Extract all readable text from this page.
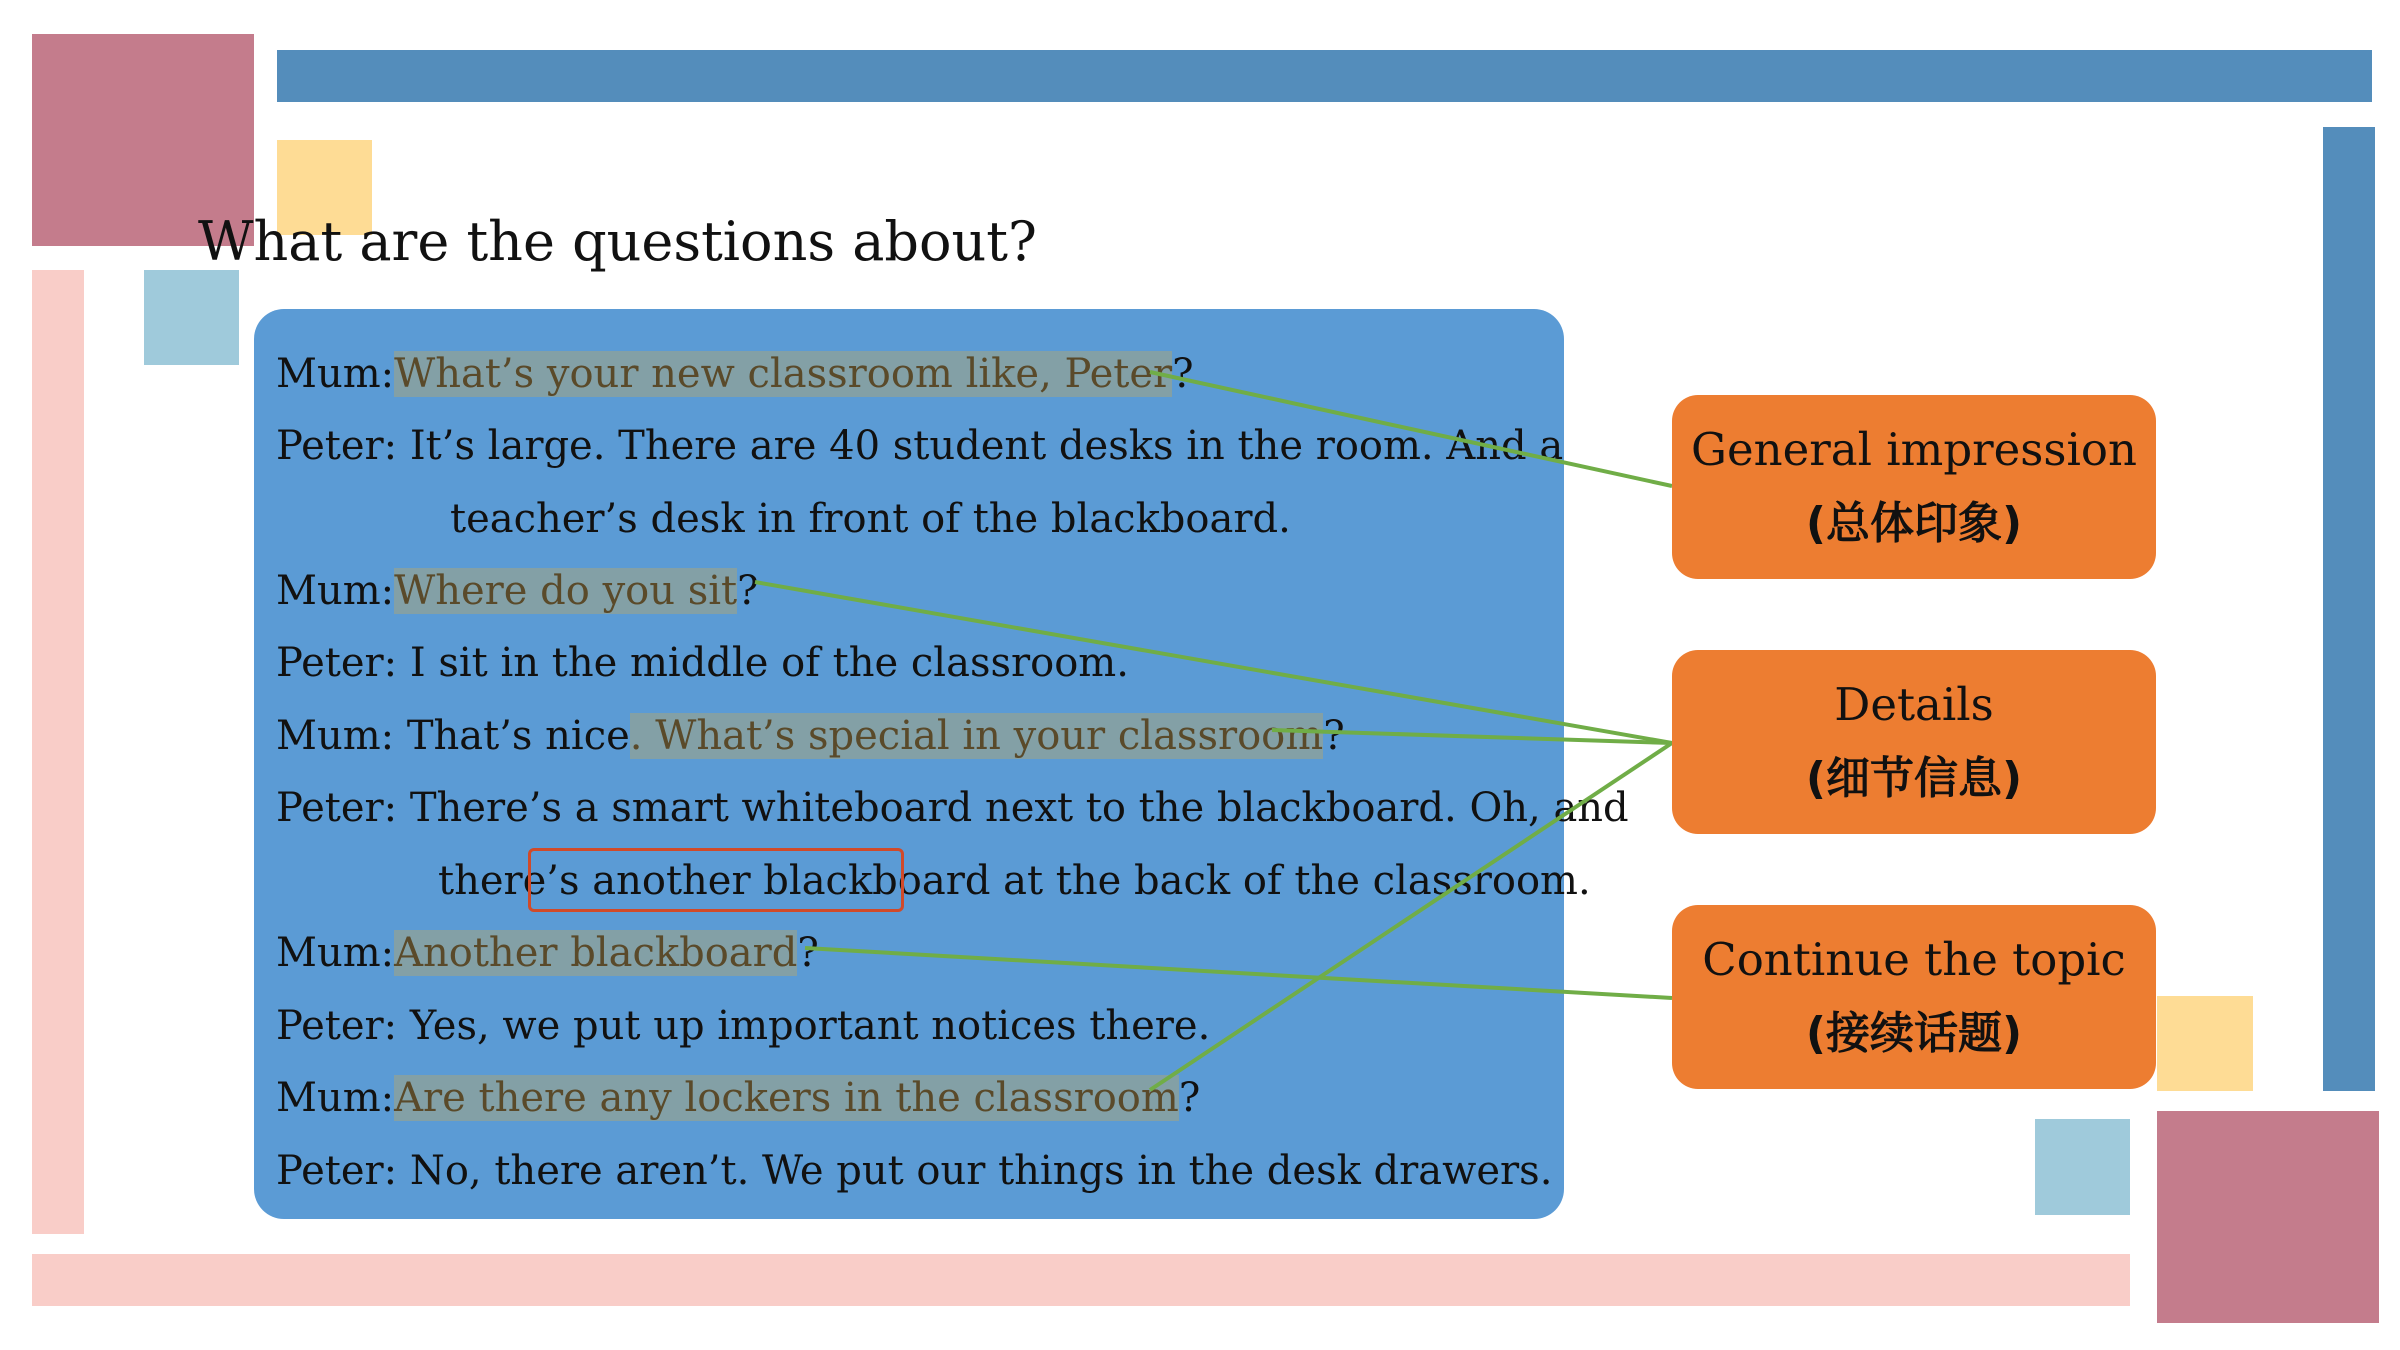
What are the questions about?
Mum:What’s your new classroom like, Peter?
Peter: It’s large. There are 40 student desks in the room. And a
teacher’s desk in front of the blackboard.
Mum:Where do you sit?
Peter: I sit in the middle of the classroom.
Mum: That’s nice. What’s special in your classroom?
Peter: There’s a smart whiteboard next to the blackboard. Oh, and
there’s another blackboard at the back of the classroom.
Mum:Another blackboard?
Peter: Yes, we put up important notices there.
Mum:Are there any lockers in the classroom?
Peter: No, there aren’t. We put our things in the desk drawers.
General impression
(总体印象)
Details
(细节信息)
Continue the topic
(接续话题)
